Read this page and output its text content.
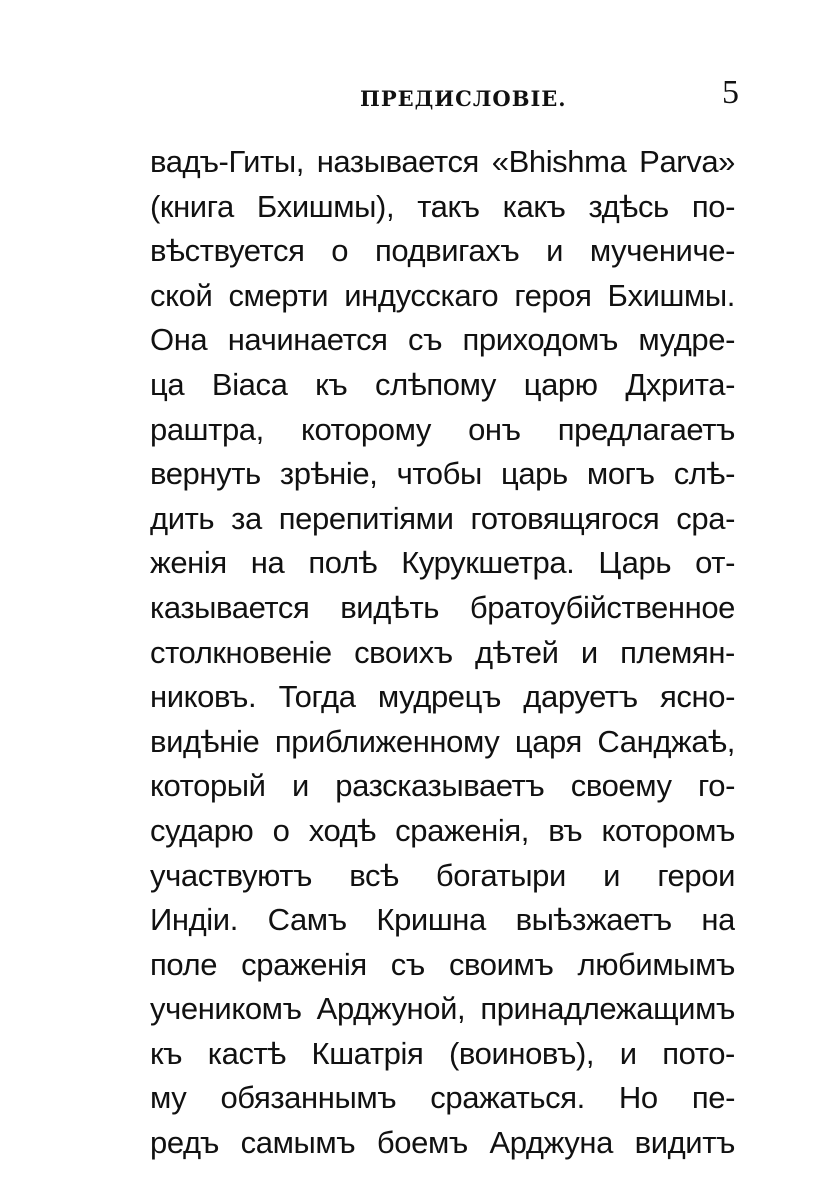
ПРЕДИСЛОВІЕ.	5
вадъ-Гиты, называется «Bhishma Parva»
(книга Бхишмы), такъ какъ здѣсь по-
вѣствуется о подвигахъ и мучениче-
ской смерти индусскаго героя Бхишмы.
Она начинается съ приходомъ мудре-
ца Віаса къ слѣпому царю Дхрита-
раштра, которому онъ предлагаетъ
вернуть зрѣніе, чтобы царь могъ слѣ-
дить за перепитіями готовящягося сра-
женія на полѣ Курукшетра. Царь от-
казывается видѣть братоубійственное
столкновеніе своихъ дѣтей и племян-
никовъ. Тогда мудрецъ даруетъ ясно-
видѣніе приближенному царя Санджаѣ,
который и разсказываетъ своему го-
сударю о ходѣ сраженія, въ которомъ
участвуютъ всѣ богатыри и герои
Индіи. Самъ Кришна выѣзжаетъ на
поле сраженія съ своимъ любимымъ
ученикомъ Арджуной, принадлежащимъ
къ кастѣ Кшатрія (воиновъ), и пото-
му обязаннымъ сражаться. Но пе-
редъ самымъ боемъ Арджуна видитъ
